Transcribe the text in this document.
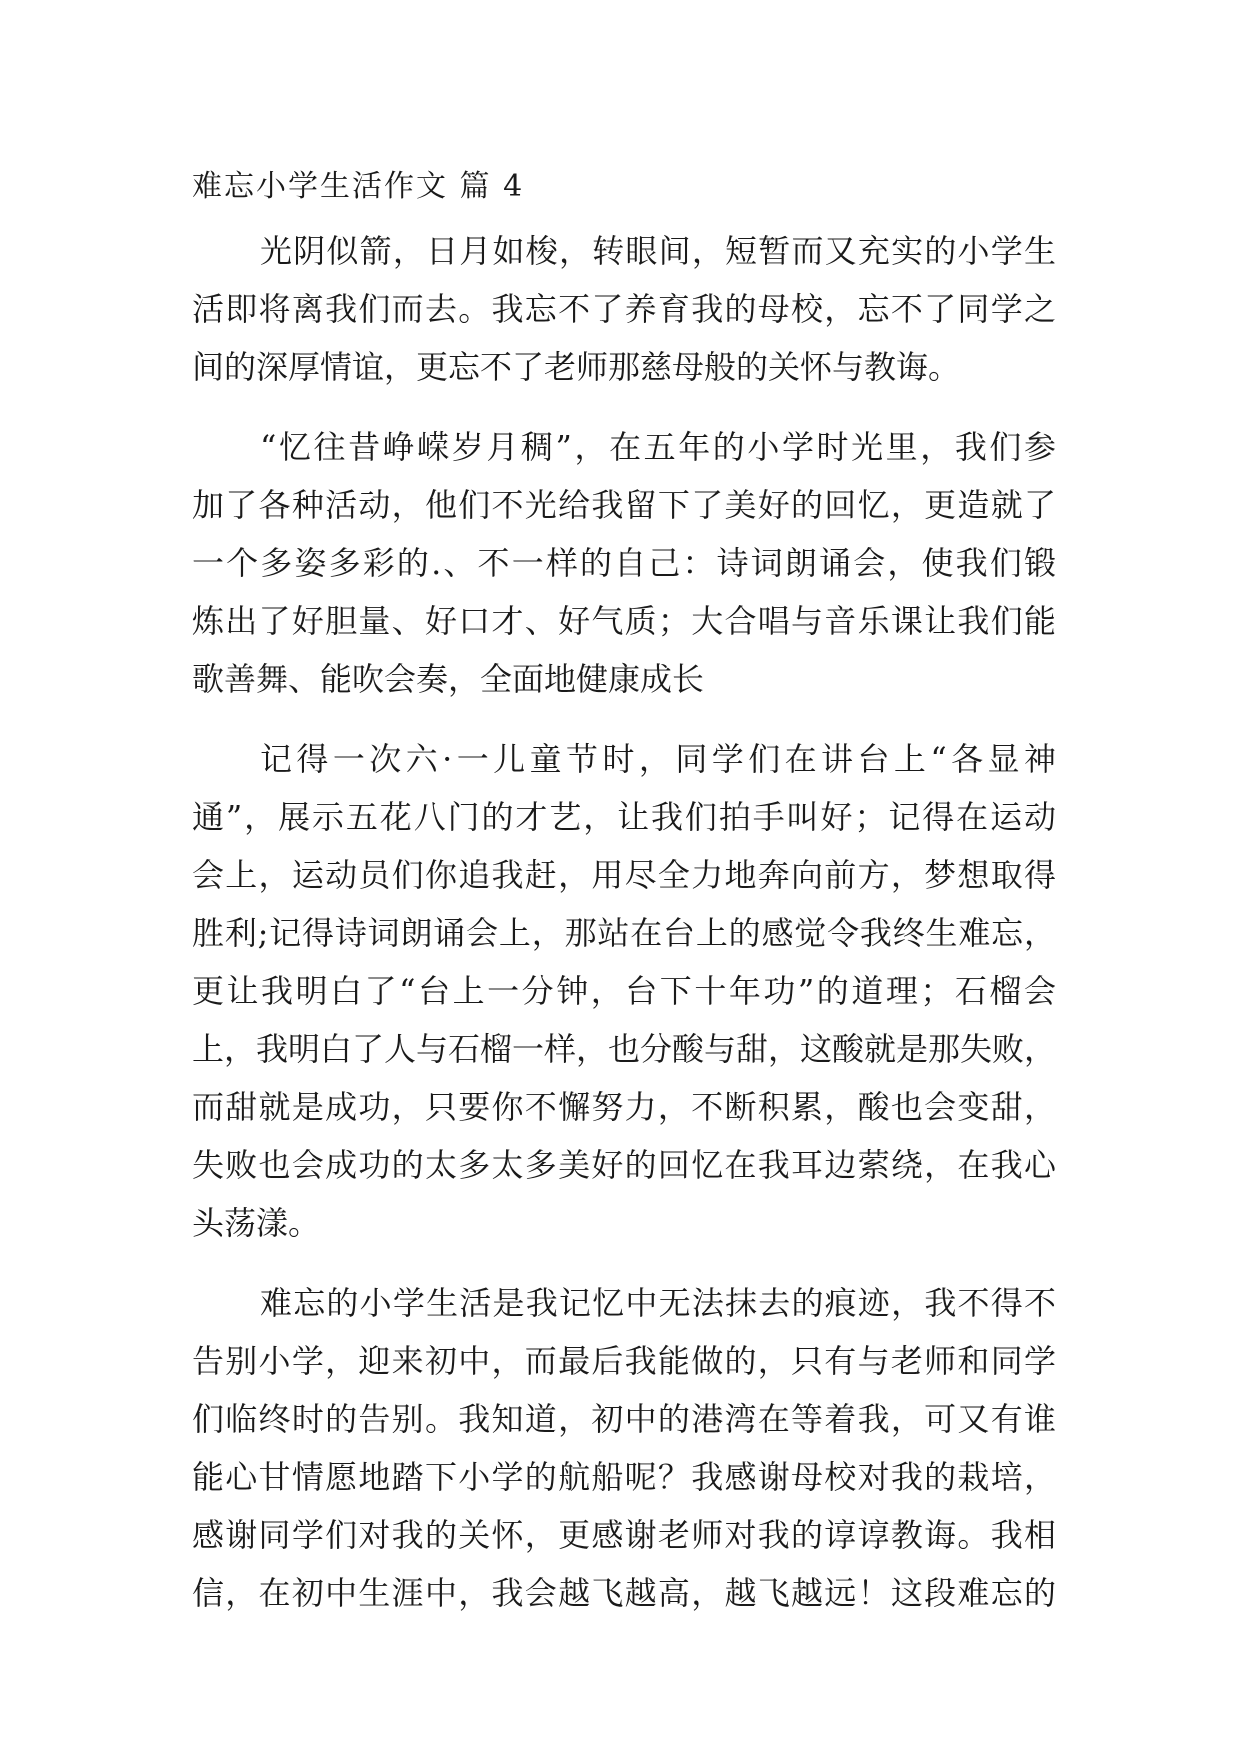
难忘小学生活作文 篇 4

光阴似箭，日月如梭，转眼间，短暂而又充实的小学生
活即将离我们而去。我忘不了养育我的母校，忘不了同学之
间的深厚情谊，更忘不了老师那慈母般的关怀与教诲。

“忆往昔峥嵘岁月稠”，在五年的小学时光里，我们参
加了各种活动，他们不光给我留下了美好的回忆，更造就了
一个多姿多彩的.、不一样的自己：诗词朗诵会，使我们锻
炼出了好胆量、好口才、好气质；大合唱与音乐课让我们能
歌善舞、能吹会奏，全面地健康成长

记得一次六·一儿童节时，同学们在讲台上“各显神
通”，展示五花八门的才艺，让我们拍手叫好；记得在运动
会上，运动员们你追我赶，用尽全力地奔向前方，梦想取得
胜利;记得诗词朗诵会上，那站在台上的感觉令我终生难忘，
更让我明白了“台上一分钟，台下十年功”的道理；石榴会
上，我明白了人与石榴一样，也分酸与甜，这酸就是那失败，
而甜就是成功，只要你不懈努力，不断积累，酸也会变甜，
失败也会成功的太多太多美好的回忆在我耳边萦绕，在我心
头荡漾。

难忘的小学生活是我记忆中无法抹去的痕迹，我不得不
告别小学，迎来初中，而最后我能做的，只有与老师和同学
们临终时的告别。我知道，初中的港湾在等着我，可又有谁
能心甘情愿地踏下小学的航船呢？我感谢母校对我的栽培，
感谢同学们对我的关怀，更感谢老师对我的谆谆教诲。我相
信，在初中生涯中，我会越飞越高，越飞越远！这段难忘的
